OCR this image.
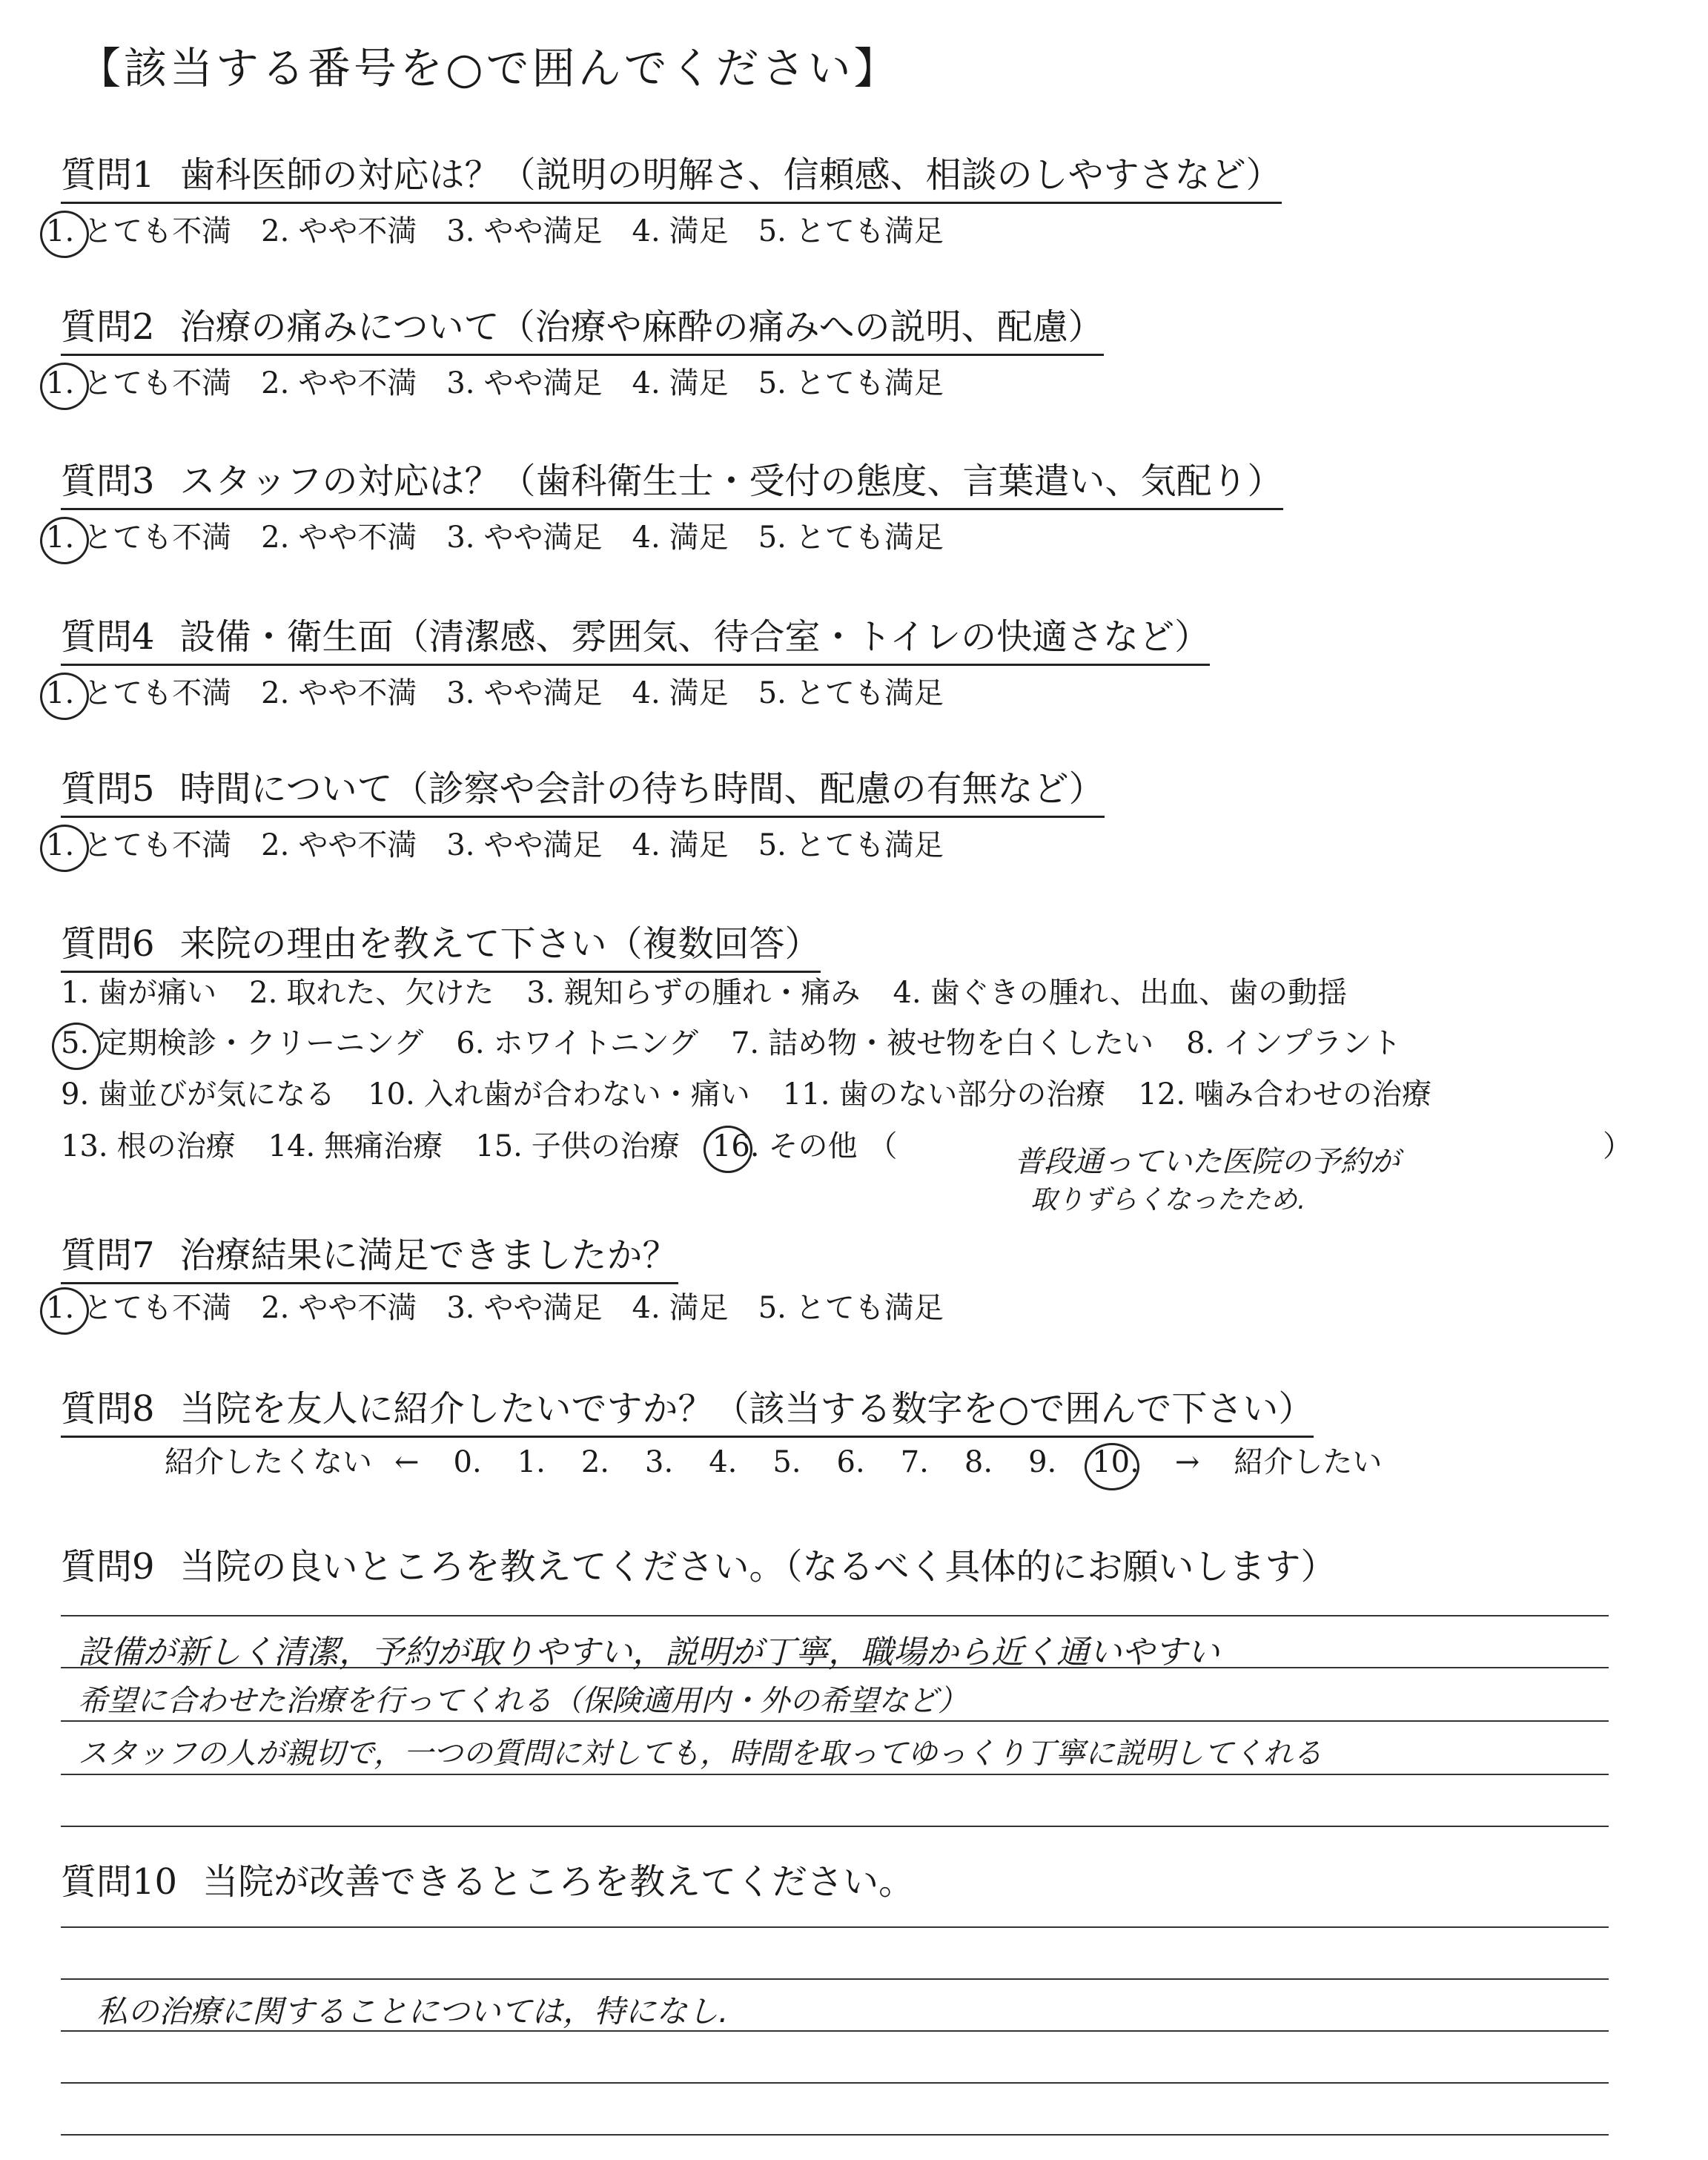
【該当する番号を○で囲んでください】
質問1 歯科医師の対応は？（説明の明解さ、信頼感、相談のしやすさなど）
1. とても不満 2. やや不満 3. やや満足 4. 満足 5. とても満足
質問2 治療の痛みについて（治療や麻酔の痛みへの説明、配慮）
1. とても不満 2. やや不満 3. やや満足 4. 満足 5. とても満足
質問3 スタッフの対応は？（歯科衛生士・受付の態度、言葉遣い、気配り）
1. とても不満 2. やや不満 3. やや満足 4. 満足 5. とても満足
質問4 設備・衛生面（清潔感、雰囲気、待合室・トイレの快適さなど）
1. とても不満 2. やや不満 3. やや満足 4. 満足 5. とても満足
質問5 時間について（診察や会計の待ち時間、配慮の有無など）
1. とても不満 2. やや不満 3. やや満足 4. 満足 5. とても満足
質問6 来院の理由を教えて下さい（複数回答）
1. 歯が痛い 2. 取れた、欠けた 3. 親知らずの腫れ・痛み 4. 歯ぐきの腫れ、出血、歯の動揺
5. 定期検診・クリーニング 6. ホワイトニング 7. 詰め物・被せ物を白くしたい 8. インプラント
9. 歯並びが気になる 10. 入れ歯が合わない・痛い 11. 歯のない部分の治療 12. 噛み合わせの治療
13. 根の治療 14. 無痛治療 15. 子供の治療 16. その他 （	）
普段通っていた医院の予約が
取りずらくなったため.
質問7 治療結果に満足できましたか？
1. とても不満 2. やや不満 3. やや満足 4. 満足 5. とても満足
質問8 当院を友人に紹介したいですか？（該当する数字を○で囲んで下さい）
紹介したくない ← 0. 1. 2. 3. 4. 5. 6. 7. 8. 9. 10. → 紹介したい
質問9 当院の良いところを教えてください。（なるべく具体的にお願いします）
設備が新しく清潔，予約が取りやすい，説明が丁寧，職場から近く通いやすい
希望に合わせた治療を行ってくれる（保険適用内・外の希望など）
スタッフの人が親切で，一つの質問に対しても，時間を取ってゆっくり丁寧に説明してくれる
質問10 当院が改善できるところを教えてください。
私の治療に関することについては，特になし.
